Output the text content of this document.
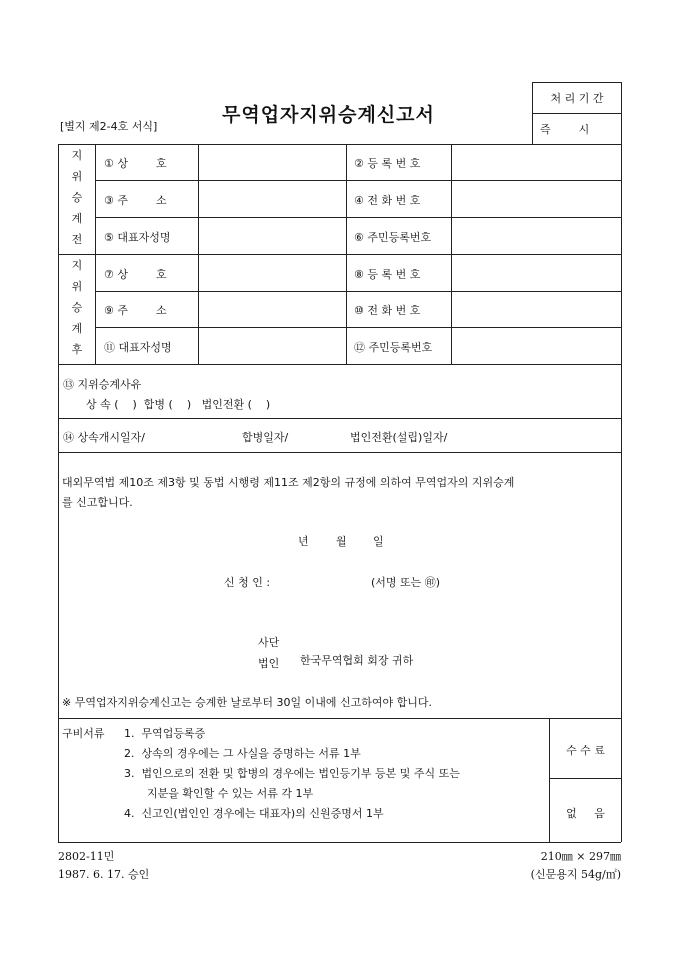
[별지 제2-4호 서식]
무역업자지위승계신고서
처 리 기 간
즉        시
지
위
승
계
전
① 상        호	② 등 록 번 호
③ 주        소	④ 전 화 번 호
⑤ 대표자성명	⑥ 주민등록번호
지
위
승
계
후
⑦ 상        호	⑧ 등 록 번 호
⑨ 주        소	⑩ 전 화 번 호
⑪ 대표자성명	⑫ 주민등록번호
⑬ 지위승계사유
상 속 (    )  합병 (    )   법인전환 (    )
⑭ 상속개시일자/	합병일자/	법인전환(설립)일자/
대외무역법 제10조 제3항 및 동법 시행령 제11조 제2항의 규정에 의하여 무역업자의 지위승계
를 신고합니다.
년 월 일
신 청 인 :	(서명 또는 ㊞)
사단
법인 한국무역협회 회장 귀하
※ 무역업자지위승계신고는 승계한 날로부터 30일 이내에 신고하여야 합니다.
구비서류 1.  무역업등록증
2.  상속의 경우에는 그 사실을 증명하는 서류 1부
3.  법인으로의 전환 및 합병의 경우에는 법인등기부 등본 및 주식 또는
지분을 확인할 수 있는 서류 각 1부
4.  신고인(법인인 경우에는 대표자)의 신원증명서 1부
수 수 료
없     음
2802-11민
1987. 6. 17. 승인
210㎜ × 297㎜
(신문용지 54g/㎡)
